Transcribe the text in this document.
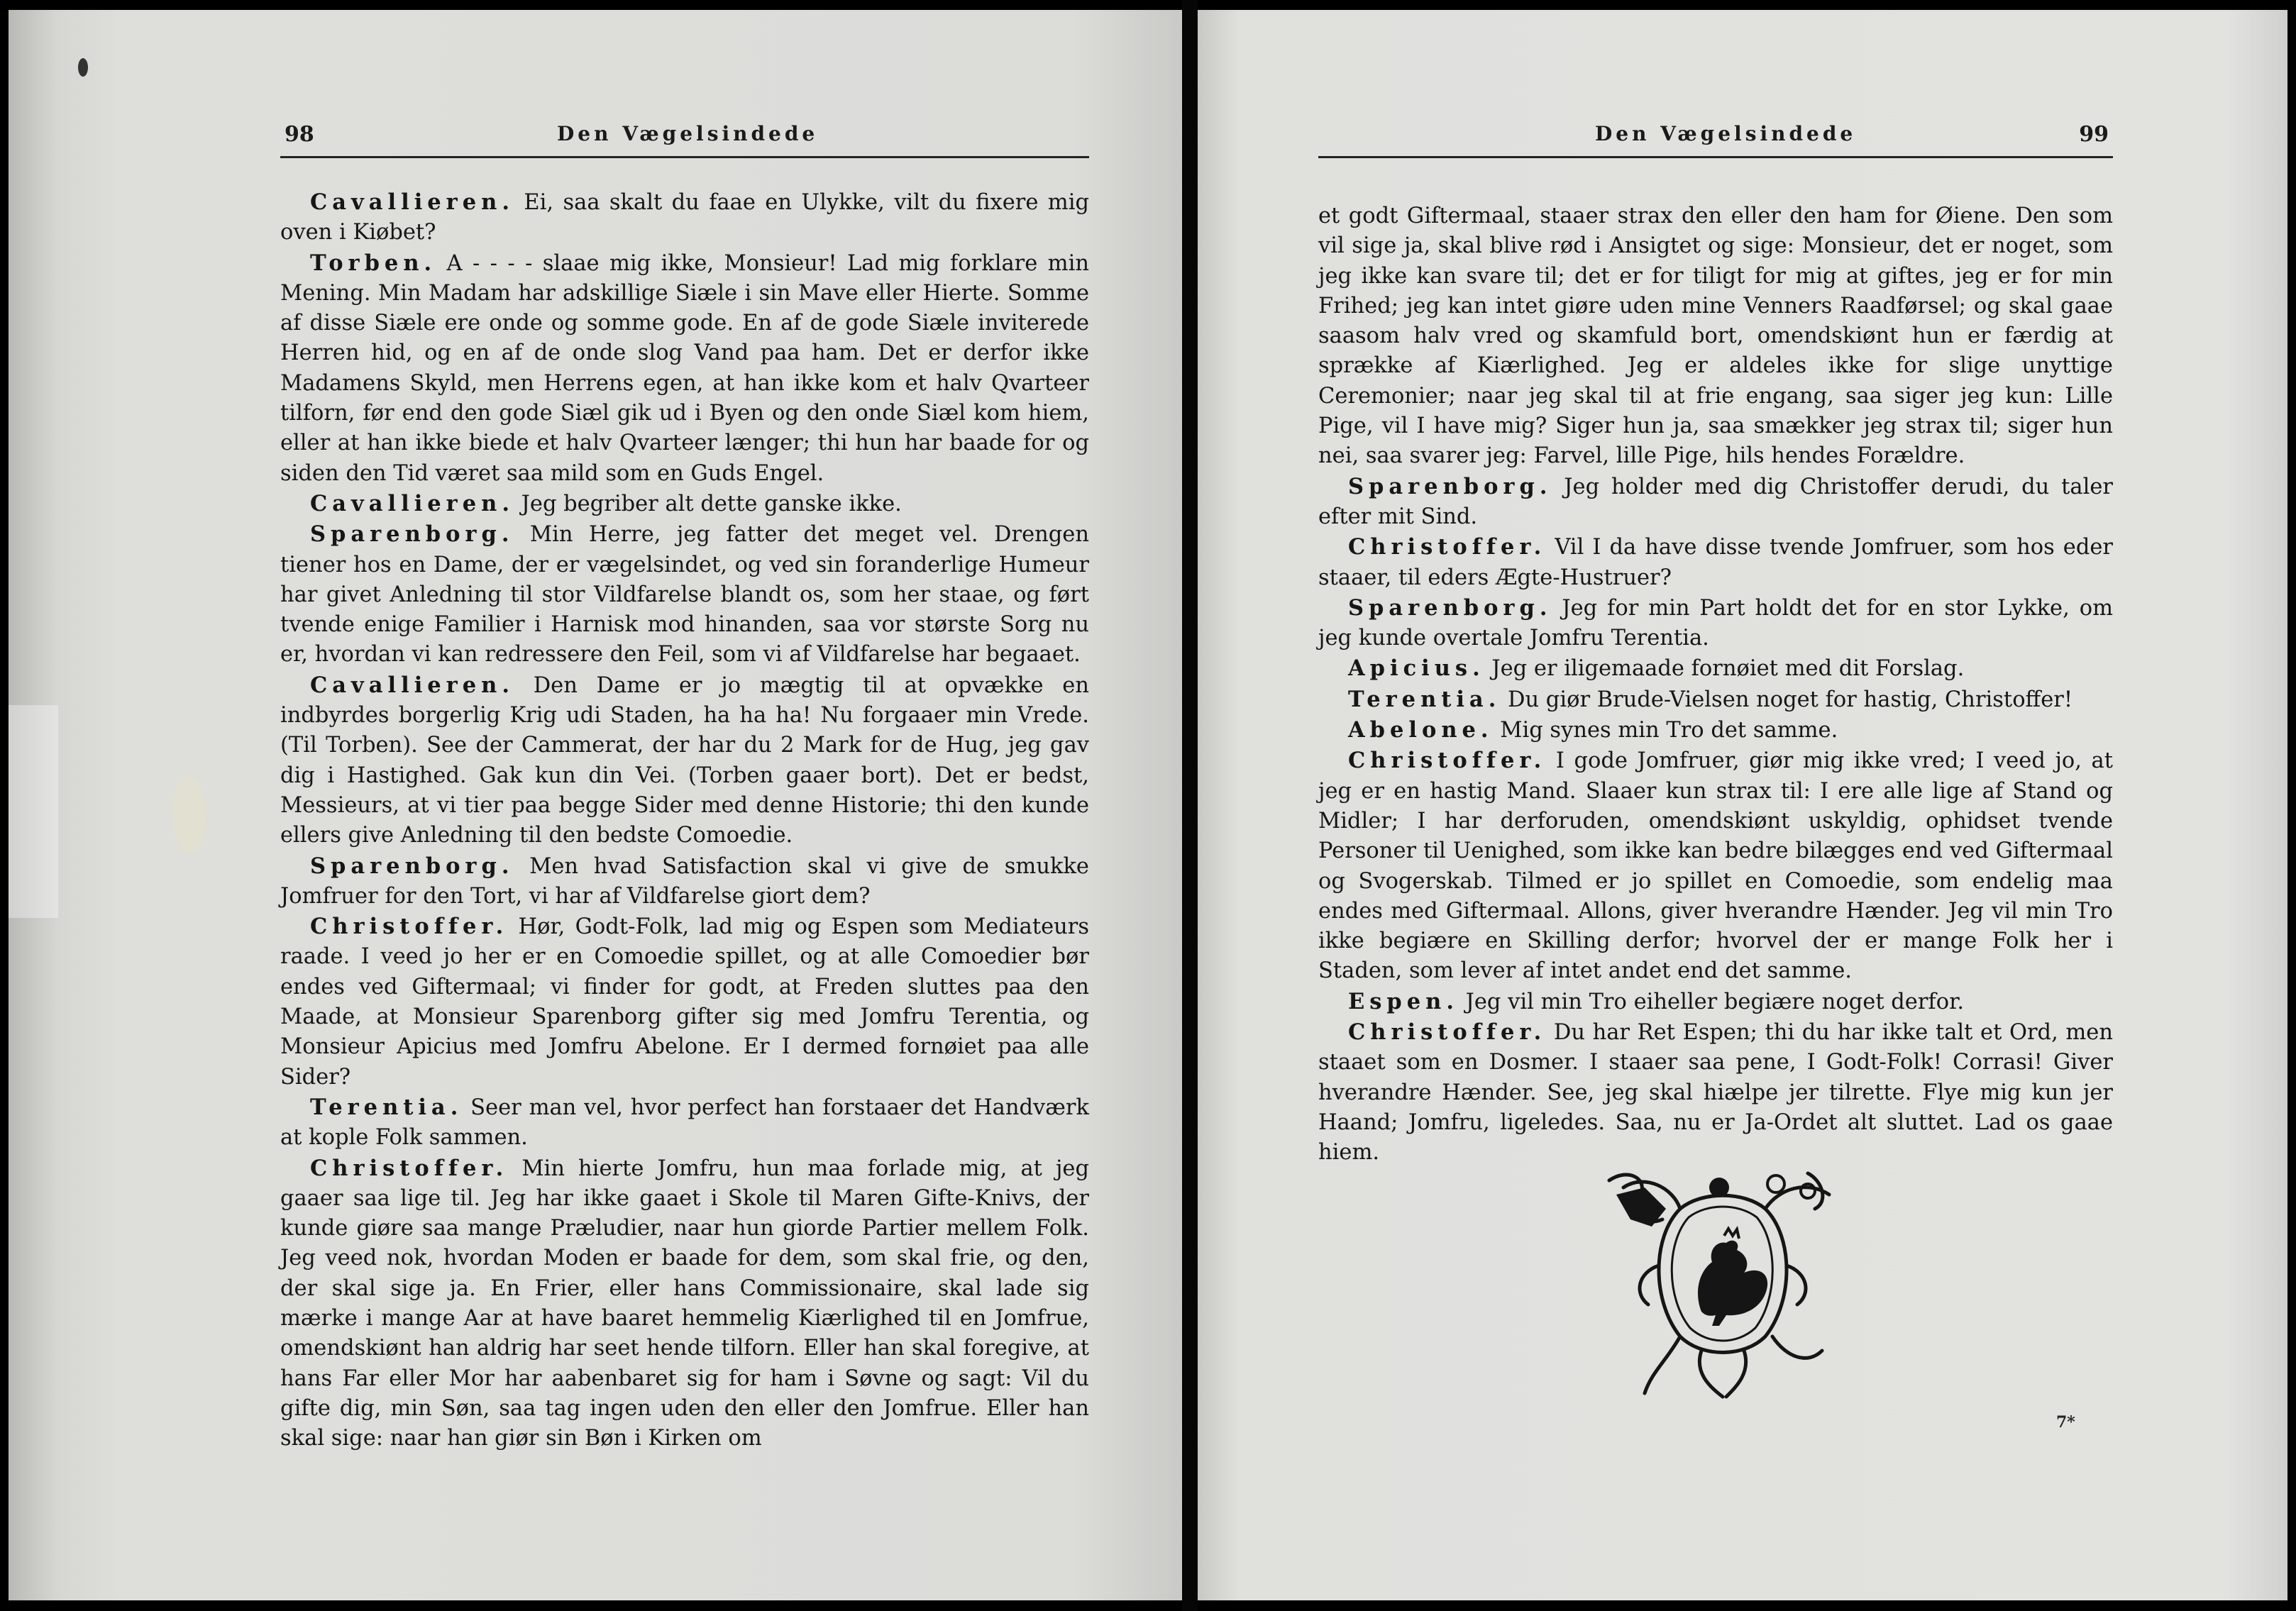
98	Den Vægelsindede

Cavallieren. Ei, saa skalt du faae en Ulykke, vilt du fixere mig oven i Kiøbet?

Torben. A ‑ ‑ ‑ ‑ slaae mig ikke, Monsieur! Lad mig forklare min Mening. Min Madam har adskillige Siæle i sin Mave eller Hierte. Somme af disse Siæle ere onde og somme gode. En af de gode Siæle inviterede Herren hid, og en af de onde slog Vand paa ham. Det er derfor ikke Madamens Skyld, men Herrens egen, at han ikke kom et halv Qvarteer tilforn, før end den gode Siæl gik ud i Byen og den onde Siæl kom hiem, eller at han ikke biede et halv Qvarteer længer; thi hun har baade for og siden den Tid været saa mild som en Guds Engel.

Cavallieren. Jeg begriber alt dette ganske ikke.

Sparenborg. Min Herre, jeg fatter det meget vel. Drengen tiener hos en Dame, der er vægelsindet, og ved sin foranderlige Humeur har givet Anledning til stor Vildfarelse blandt os, som her staae, og ført tvende enige Familier i Harnisk mod hinanden, saa vor største Sorg nu er, hvordan vi kan redressere den Feil, som vi af Vildfarelse har begaaet.

Cavallieren. Den Dame er jo mægtig til at opvække en indbyrdes borgerlig Krig udi Staden, ha ha ha! Nu forgaaer min Vrede. (Til Torben). See der Cammerat, der har du 2 Mark for de Hug, jeg gav dig i Hastighed. Gak kun din Vei. (Torben gaaer bort). Det er bedst, Messieurs, at vi tier paa begge Sider med denne Historie; thi den kunde ellers give Anledning til den bedste Comoedie.

Sparenborg. Men hvad Satisfaction skal vi give de smukke Jomfruer for den Tort, vi har af Vildfarelse giort dem?

Christoffer. Hør, Godt-Folk, lad mig og Espen som Mediateurs raade. I veed jo her er en Comoedie spillet, og at alle Comoedier bør endes ved Giftermaal; vi finder for godt, at Freden sluttes paa den Maade, at Monsieur Sparenborg gifter sig med Jomfru Terentia, og Monsieur Apicius med Jomfru Abelone. Er I dermed fornøiet paa alle Sider?

Terentia. Seer man vel, hvor perfect han forstaaer det Handværk at kople Folk sammen.

Christoffer. Min hierte Jomfru, hun maa forlade mig, at jeg gaaer saa lige til. Jeg har ikke gaaet i Skole til Maren Gifte-Knivs, der kunde giøre saa mange Præludier, naar hun giorde Partier mellem Folk. Jeg veed nok, hvordan Moden er baade for dem, som skal frie, og den, der skal sige ja. En Frier, eller hans Commissionaire, skal lade sig mærke i mange Aar at have baaret hemmelig Kiærlighed til en Jomfrue, omendskiønt han aldrig har seet hende tilforn. Eller han skal foregive, at hans Far eller Mor har aabenbaret sig for ham i Søvne og sagt: Vil du gifte dig, min Søn, saa tag ingen uden den eller den Jomfrue. Eller han skal sige: naar han giør sin Bøn i Kirken om

Den Vægelsindede	99

et godt Giftermaal, staaer strax den eller den ham for Øiene. Den som vil sige ja, skal blive rød i Ansigtet og sige: Monsieur, det er noget, som jeg ikke kan svare til; det er for tiligt for mig at giftes, jeg er for min Frihed; jeg kan intet giøre uden mine Venners Raadførsel; og skal gaae saasom halv vred og skamfuld bort, omendskiønt hun er færdig at sprække af Kiærlighed. Jeg er aldeles ikke for slige unyttige Ceremonier; naar jeg skal til at frie engang, saa siger jeg kun: Lille Pige, vil I have mig? Siger hun ja, saa smækker jeg strax til; siger hun nei, saa svarer jeg: Farvel, lille Pige, hils hendes Forældre.

Sparenborg. Jeg holder med dig Christoffer derudi, du taler efter mit Sind.

Christoffer. Vil I da have disse tvende Jomfruer, som hos eder staaer, til eders Ægte-Hustruer?

Sparenborg. Jeg for min Part holdt det for en stor Lykke, om jeg kunde overtale Jomfru Terentia.

Apicius. Jeg er iligemaade fornøiet med dit Forslag.

Terentia. Du giør Brude-Vielsen noget for hastig, Christoffer!

Abelone. Mig synes min Tro det samme.

Christoffer. I gode Jomfruer, giør mig ikke vred; I veed jo, at jeg er en hastig Mand. Slaaer kun strax til: I ere alle lige af Stand og Midler; I har derforuden, omendskiønt uskyldig, ophidset tvende Personer til Uenighed, som ikke kan bedre bilægges end ved Giftermaal og Svogerskab. Tilmed er jo spillet en Comoedie, som endelig maa endes med Giftermaal. Allons, giver hverandre Hænder. Jeg vil min Tro ikke begiære en Skilling derfor; hvorvel der er mange Folk her i Staden, som lever af intet andet end det samme.

Espen. Jeg vil min Tro eiheller begiære noget derfor.

Christoffer. Du har Ret Espen; thi du har ikke talt et Ord, men staaet som en Dosmer. I staaer saa pene, I Godt-Folk! Corrasi! Giver hverandre Hænder. See, jeg skal hiælpe jer tilrette. Flye mig kun jer Haand; Jomfru, ligeledes. Saa, nu er Ja-Ordet alt sluttet. Lad os gaae hiem.

7*
